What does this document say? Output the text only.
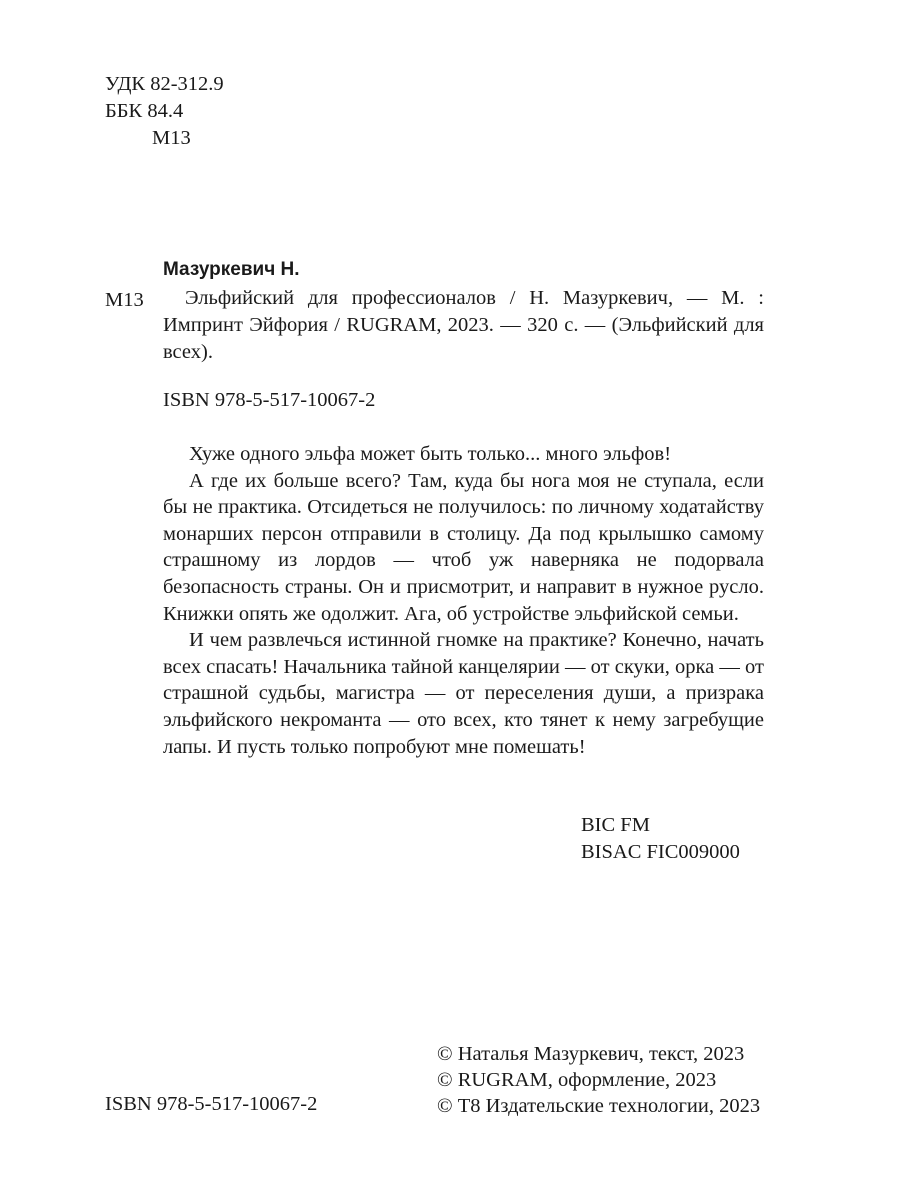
УДК 82-312.9
ББК 84.4
М13
Мазуркевич Н.
М13	Эльфийский для профессионалов / Н. Мазуркевич, — М. : Импринт Эйфория / RUGRAM, 2023. — 320 с. — (Эльфийский для всех).

ISBN 978-5-517-10067-2

Хуже одного эльфа может быть только... много эльфов!

А где их больше всего? Там, куда бы нога моя не ступала, если бы не практика. Отсидеться не получилось: по личному ходатайству монарших персон отправили в столицу. Да под крылышко самому страшному из лордов — чтоб уж наверняка не подорвала безопасность страны. Он и присмотрит, и направит в нужное русло. Книжки опять же одолжит. Ага, об устройстве эльфийской семьи.

И чем развлечься истинной гномке на практике? Конечно, начать всех спасать! Начальника тайной канцелярии — от скуки, орка — от страшной судьбы, магистра — от переселения души, а призрака эльфийского некроманта — ото всех, кто тянет к нему загребущие лапы. И пусть только попробуют мне помешать!

BIC FM
BISAC FIC009000
© Наталья Мазуркевич, текст, 2023
© RUGRAM, оформление, 2023
© Т8 Издательские технологии, 2023
ISBN 978-5-517-10067-2
